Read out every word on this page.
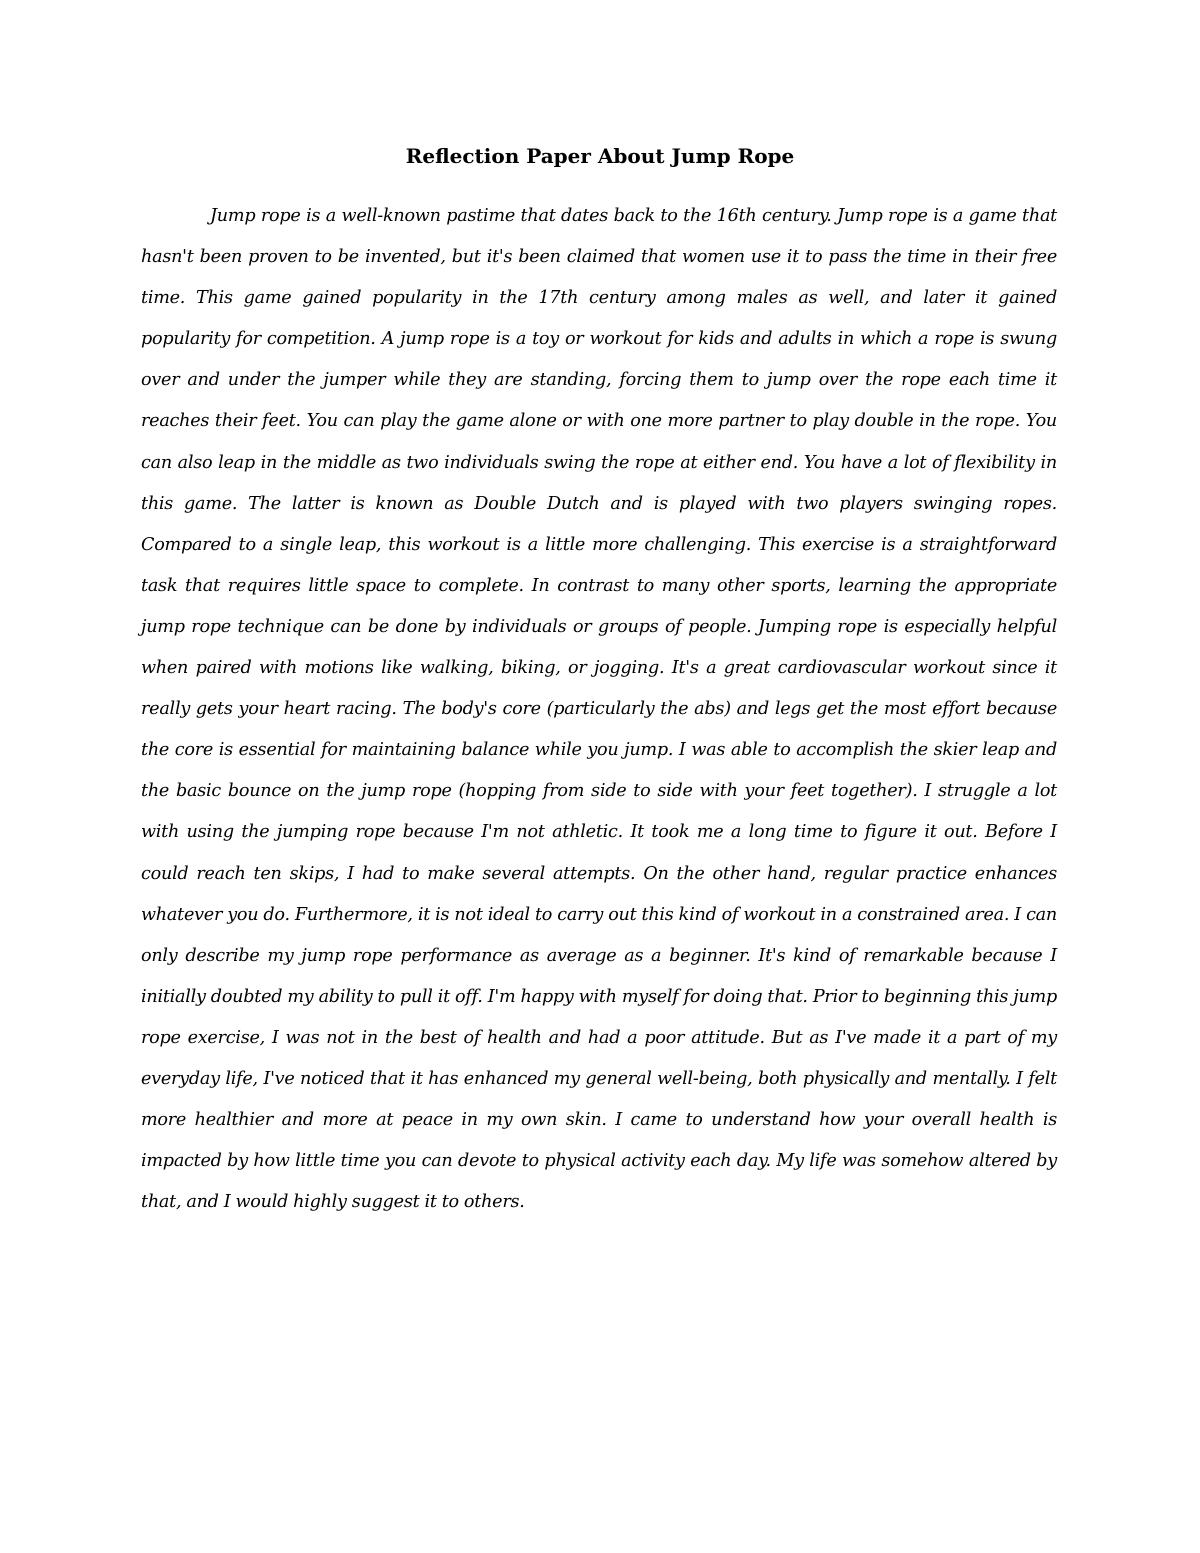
Reflection Paper About Jump Rope

Jump rope is a well-known pastime that dates back to the 16th century. Jump rope is a game that hasn't been proven to be invented, but it's been claimed that women use it to pass the time in their free time. This game gained popularity in the 17th century among males as well, and later it gained popularity for competition. A jump rope is a toy or workout for kids and adults in which a rope is swung over and under the jumper while they are standing, forcing them to jump over the rope each time it reaches their feet. You can play the game alone or with one more partner to play double in the rope. You can also leap in the middle as two individuals swing the rope at either end. You have a lot of flexibility in this game. The latter is known as Double Dutch and is played with two players swinging ropes. Compared to a single leap, this workout is a little more challenging. This exercise is a straightforward task that requires little space to complete. In contrast to many other sports, learning the appropriate jump rope technique can be done by individuals or groups of people. Jumping rope is especially helpful when paired with motions like walking, biking, or jogging. It's a great cardiovascular workout since it really gets your heart racing. The body's core (particularly the abs) and legs get the most effort because the core is essential for maintaining balance while you jump. I was able to accomplish the skier leap and the basic bounce on the jump rope (hopping from side to side with your feet together). I struggle a lot with using the jumping rope because I'm not athletic. It took me a long time to figure it out. Before I could reach ten skips, I had to make several attempts. On the other hand, regular practice enhances whatever you do. Furthermore, it is not ideal to carry out this kind of workout in a constrained area. I can only describe my jump rope performance as average as a beginner. It's kind of remarkable because I initially doubted my ability to pull it off. I'm happy with myself for doing that. Prior to beginning this jump rope exercise, I was not in the best of health and had a poor attitude. But as I've made it a part of my everyday life, I've noticed that it has enhanced my general well-being, both physically and mentally. I felt more healthier and more at peace in my own skin. I came to understand how your overall health is impacted by how little time you can devote to physical activity each day. My life was somehow altered by that, and I would highly suggest it to others.
